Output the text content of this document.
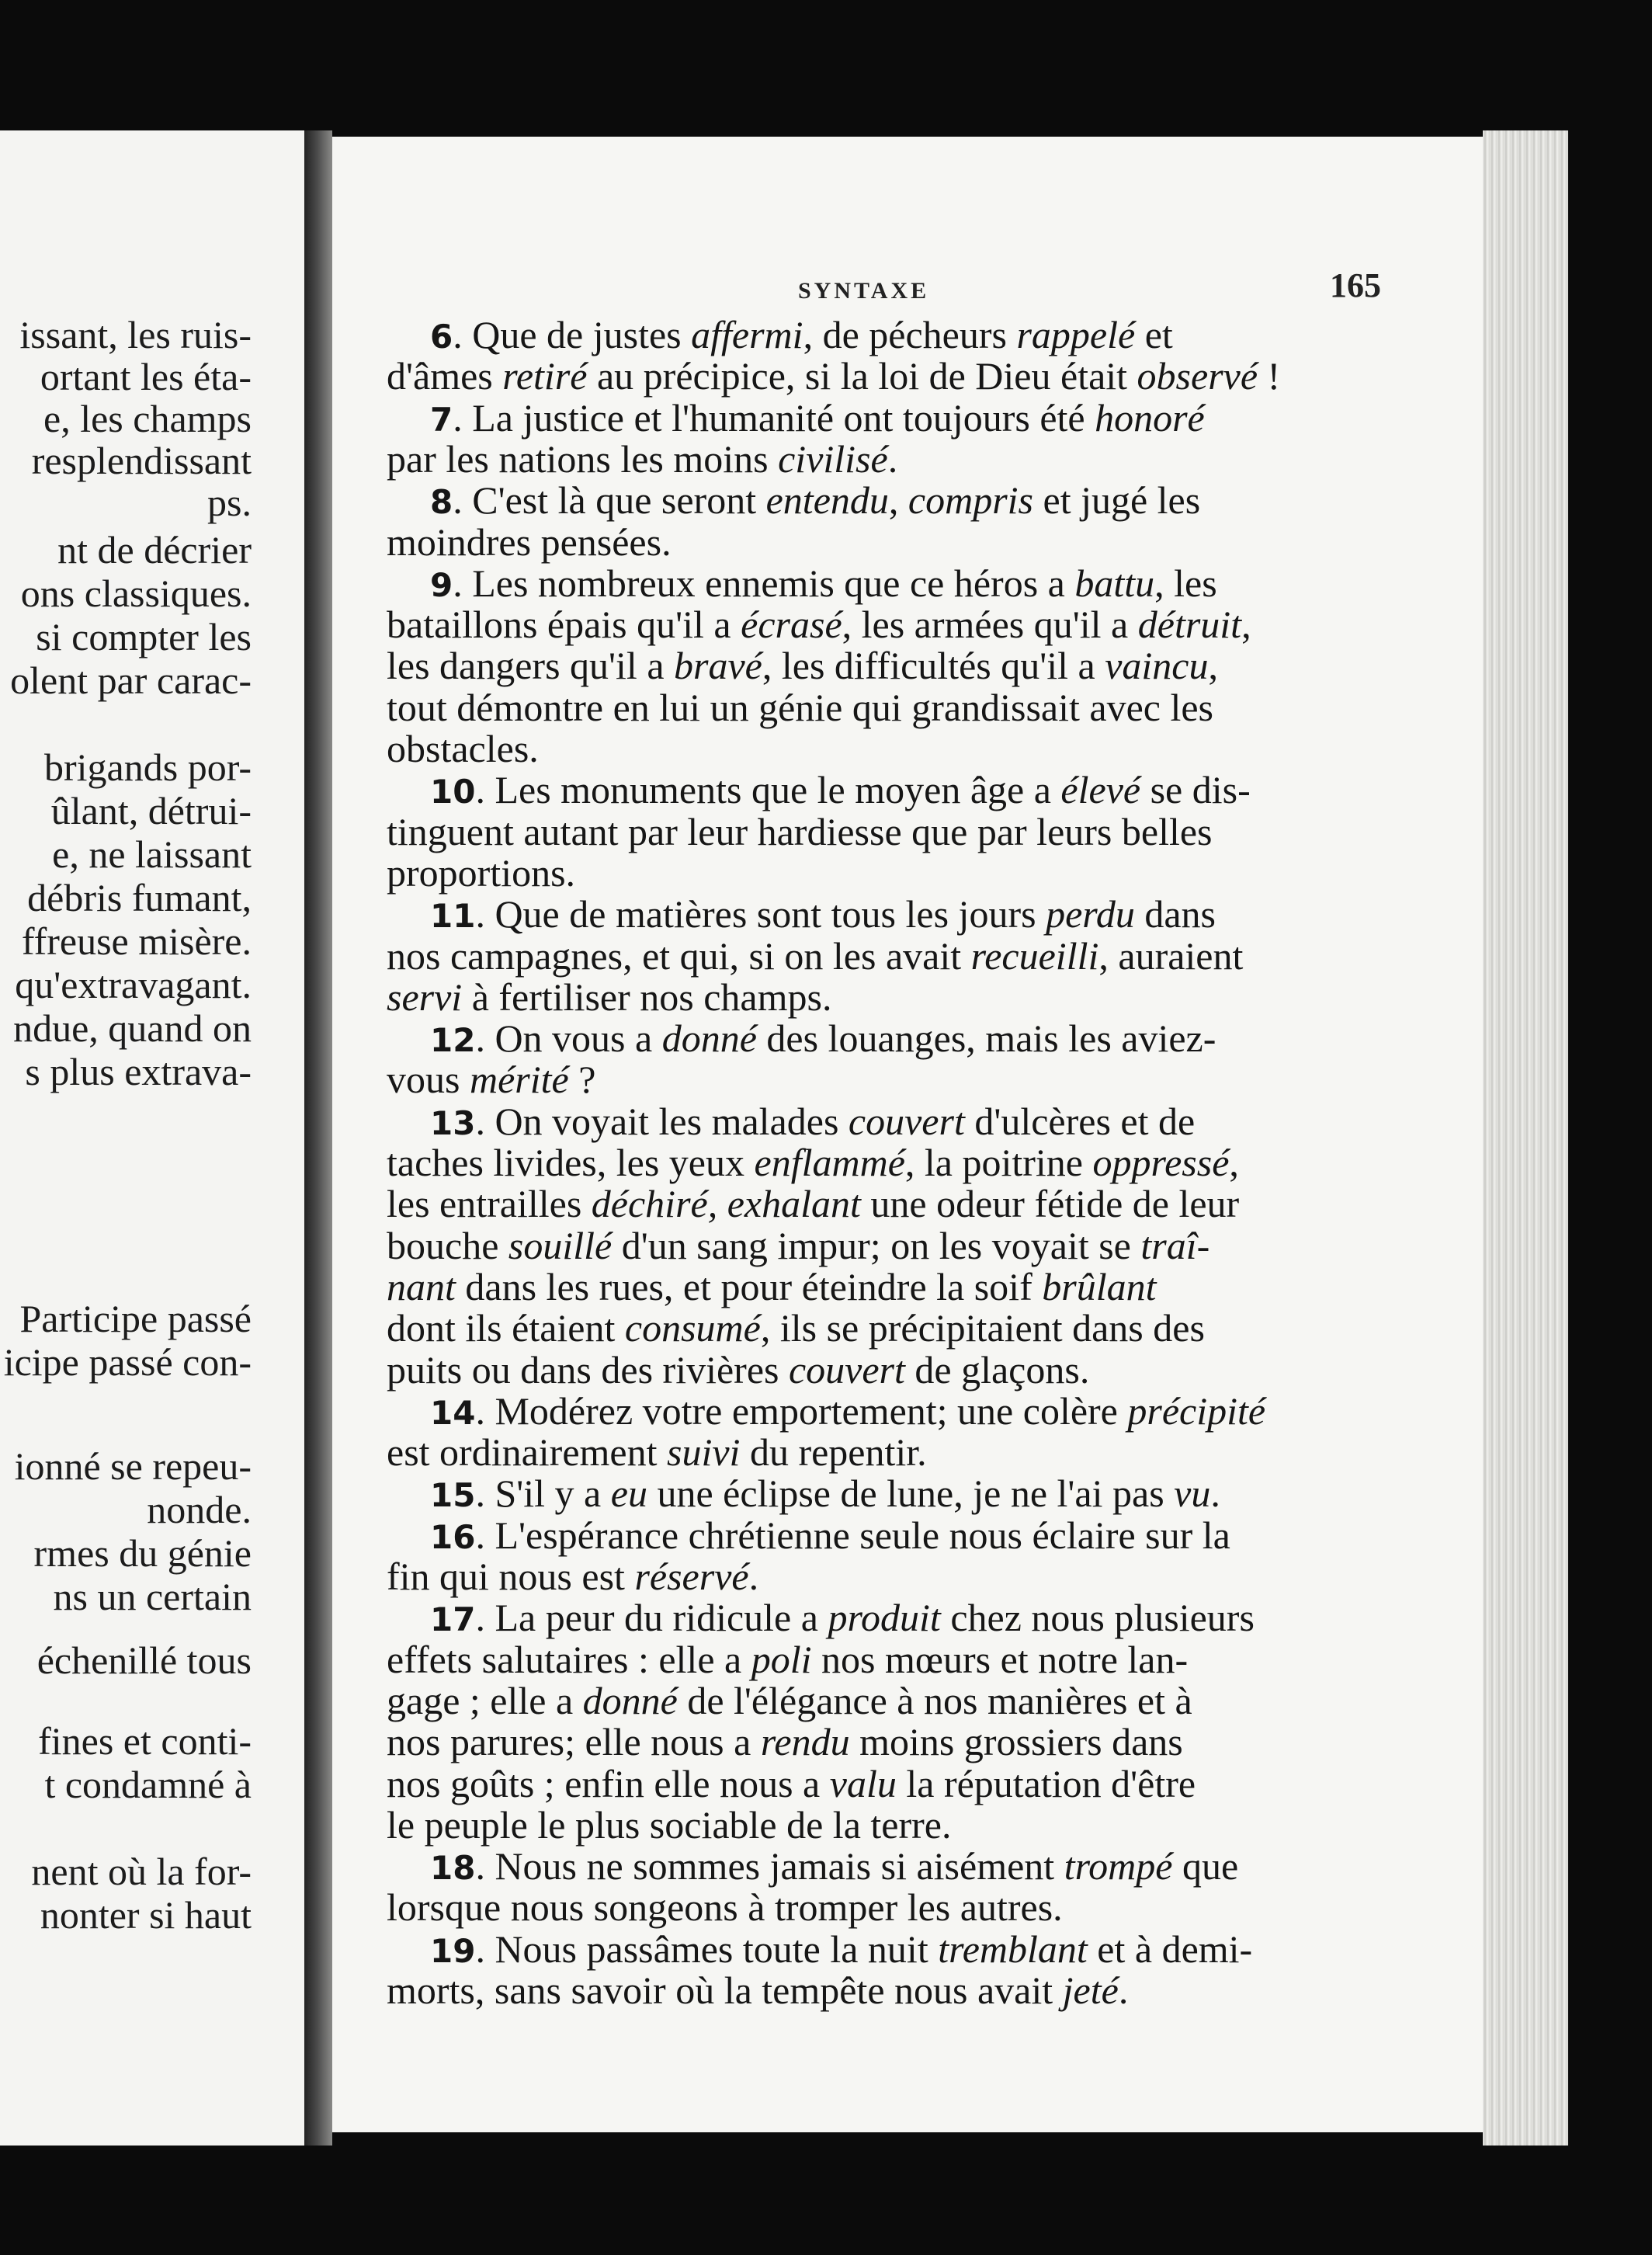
issant, les ruis-
ortant les éta-
e, les champs
resplendissant
ps.
nt de décrier
ons classiques.
si compter les
olent par carac-
brigands por-
ûlant, détrui-
e, ne laissant
débris fumant,
ffreuse misère.
qu'extravagant.
ndue, quand on
s plus extrava-
Participe passé
icipe passé con-
ionné se repeu-
nonde.
rmes du génie
ns un certain
échenillé tous
fines et conti-
t condamné à
nent où la for-
nonter si haut
SYNTAXE	165
6. Que de justes affermi, de pécheurs rappelé et
d'âmes retiré au précipice, si la loi de Dieu était observé !
7. La justice et l'humanité ont toujours été honoré
par les nations les moins civilisé.
8. C'est là que seront entendu, compris et jugé les
moindres pensées.
9. Les nombreux ennemis que ce héros a battu, les
bataillons épais qu'il a écrasé, les armées qu'il a détruit,
les dangers qu'il a bravé, les difficultés qu'il a vaincu,
tout démontre en lui un génie qui grandissait avec les
obstacles.
10. Les monuments que le moyen âge a élevé se dis-
tinguent autant par leur hardiesse que par leurs belles
proportions.
11. Que de matières sont tous les jours perdu dans
nos campagnes, et qui, si on les avait recueilli, auraient
servi à fertiliser nos champs.
12. On vous a donné des louanges, mais les aviez-
vous mérité ?
13. On voyait les malades couvert d'ulcères et de
taches livides, les yeux enflammé, la poitrine oppressé,
les entrailles déchiré, exhalant une odeur fétide de leur
bouche souillé d'un sang impur; on les voyait se traî-
nant dans les rues, et pour éteindre la soif brûlant
dont ils étaient consumé, ils se précipitaient dans des
puits ou dans des rivières couvert de glaçons.
14. Modérez votre emportement; une colère précipité
est ordinairement suivi du repentir.
15. S'il y a eu une éclipse de lune, je ne l'ai pas vu.
16. L'espérance chrétienne seule nous éclaire sur la
fin qui nous est réservé.
17. La peur du ridicule a produit chez nous plusieurs
effets salutaires : elle a poli nos mœurs et notre lan-
gage ; elle a donné de l'élégance à nos manières et à
nos parures; elle nous a rendu moins grossiers dans
nos goûts ; enfin elle nous a valu la réputation d'être
le peuple le plus sociable de la terre.
18. Nous ne sommes jamais si aisément trompé que
lorsque nous songeons à tromper les autres.
19. Nous passâmes toute la nuit tremblant et à demi-
morts, sans savoir où la tempête nous avait jeté.
